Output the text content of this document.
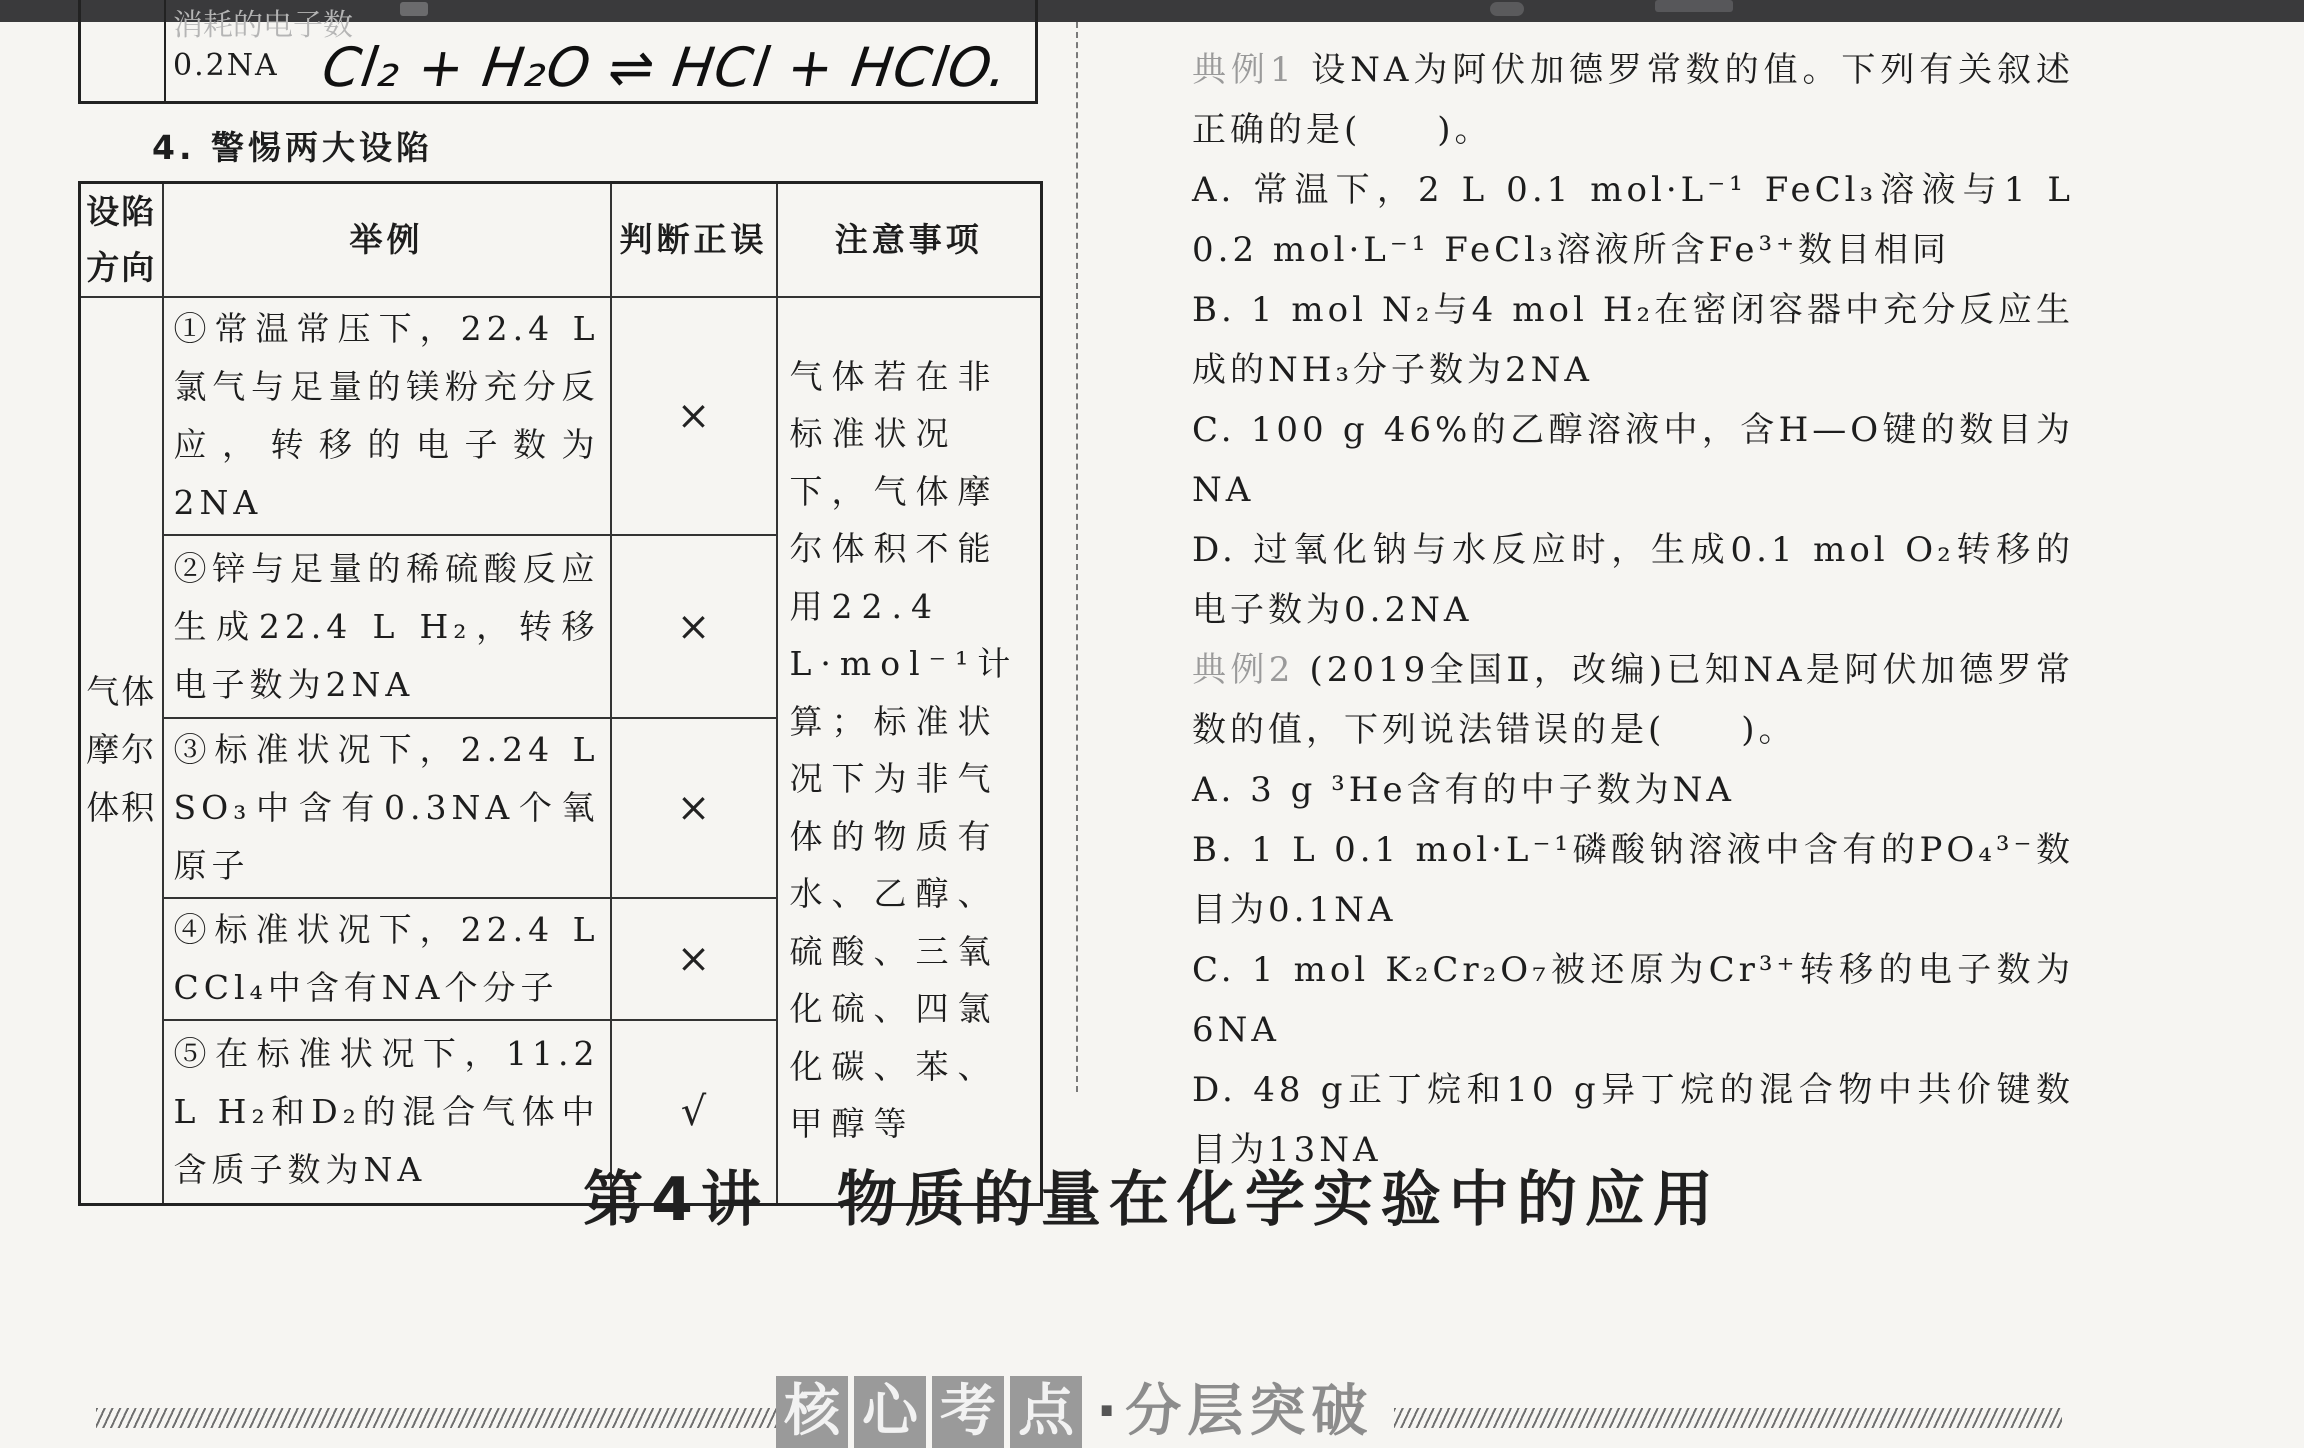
消耗的电子数
0.2NA Cl₂ + H₂O ⇌ HCl + HClO.
4. 警惕两大设陷
设陷方向	举例	判断正误	注意事项
气体摩尔体积	①常温常压下，22.4 L氯气与足量的镁粉充分反应，转移的电子数为2NA	×	气体若在非标准状况下，气体摩尔体积不能用22.4 L·mol⁻¹计算；标准状况下为非气体的物质有水、乙醇、硫酸、三氧化硫、四氯化碳、苯、甲醇等
	②锌与足量的稀硫酸反应生成22.4 L H₂，转移电子数为2NA	×	
	③标准状况下，2.24 L SO₃中含有0.3NA个氧原子	×	
	④标准状况下，22.4 L CCl₄中含有NA个分子	×	
	⑤在标准状况下，11.2 L H₂和D₂的混合气体中含质子数为NA	√	

典例1 设NA为阿伏加德罗常数的值。下列有关叙述正确的是(　　)。

A. 常温下，2 L 0.1 mol·L⁻¹ FeCl₃溶液与1 L 0.2 mol·L⁻¹ FeCl₃溶液所含Fe³⁺数目相同

B. 1 mol N₂与4 mol H₂在密闭容器中充分反应生成的NH₃分子数为2NA

C. 100 g 46%的乙醇溶液中，含H—O键的数目为NA

D. 过氧化钠与水反应时，生成0.1 mol O₂转移的电子数为0.2NA

典例2 (2019全国Ⅱ，改编)已知NA是阿伏加德罗常数的值，下列说法错误的是(　　)。

A. 3 g ³He含有的中子数为NA

B. 1 L 0.1 mol·L⁻¹磷酸钠溶液中含有的PO₄³⁻数目为0.1NA

C. 1 mol K₂Cr₂O₇被还原为Cr³⁺转移的电子数为6NA

D. 48 g正丁烷和10 g异丁烷的混合物中共价键数目为13NA

第4讲　物质的量在化学实验中的应用
核 心 考 点 · 分层突破
